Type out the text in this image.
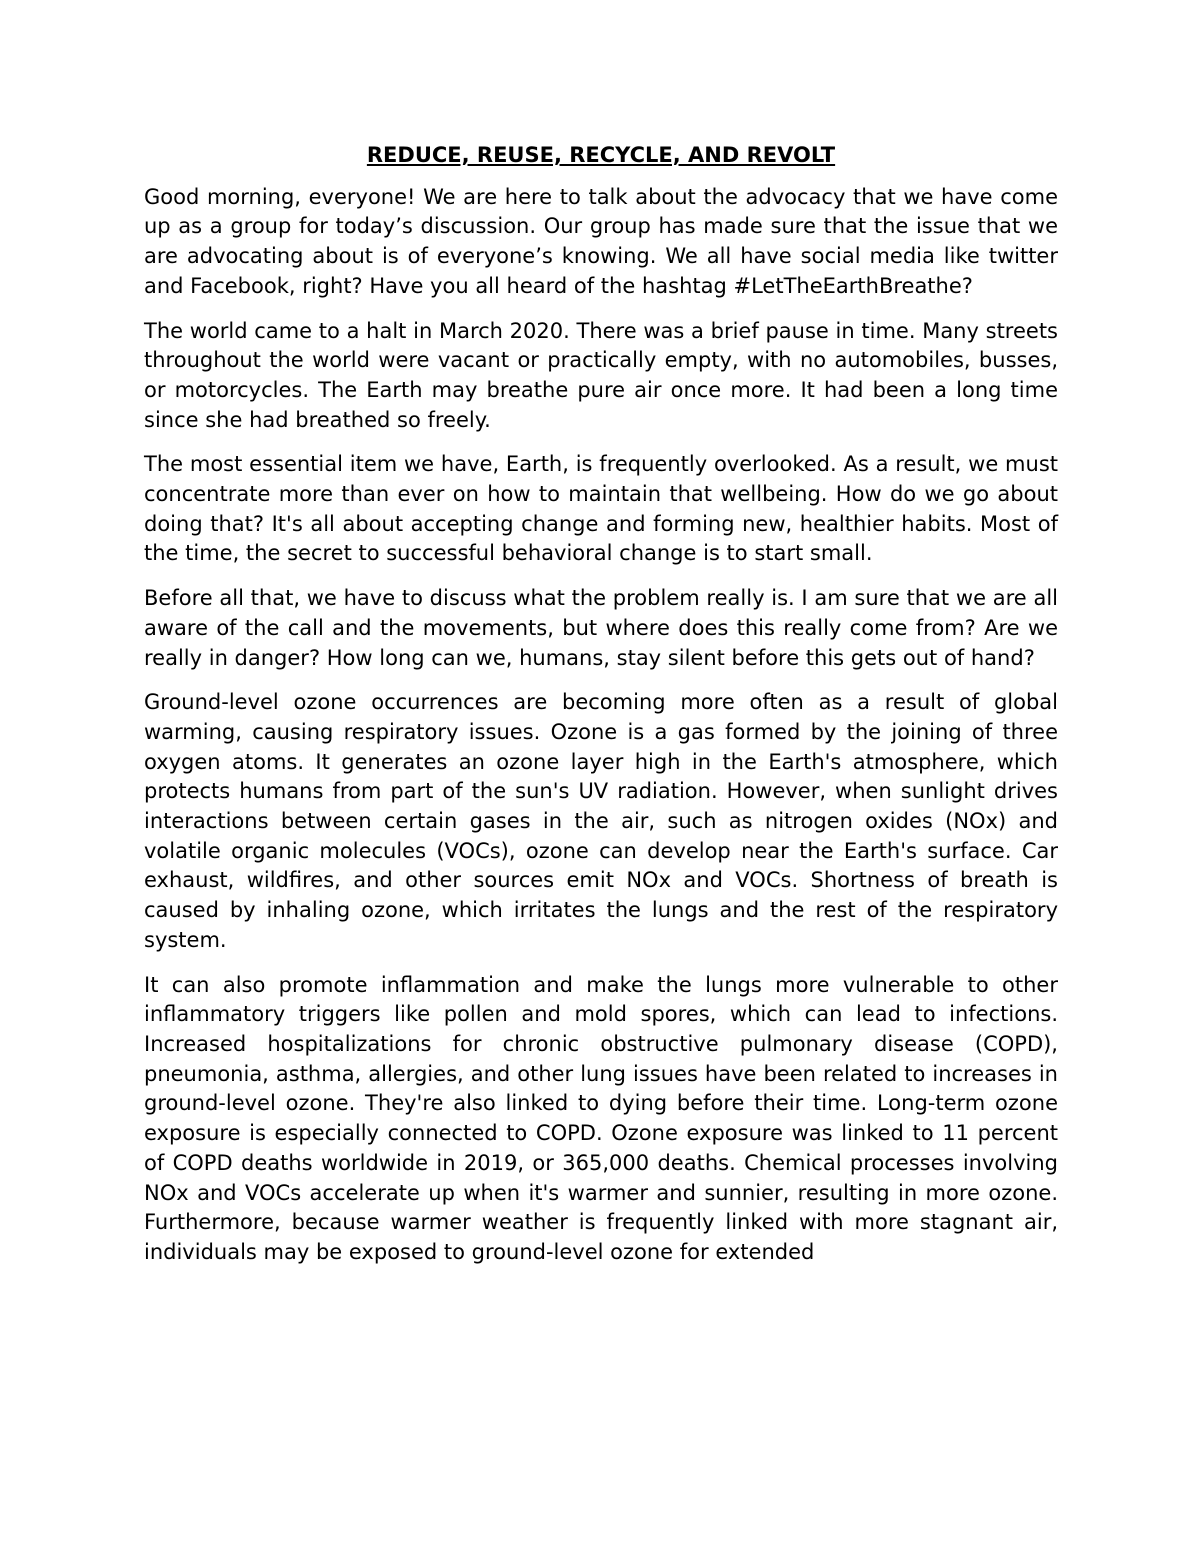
REDUCE, REUSE, RECYCLE, AND REVOLT

Good morning, everyone! We are here to talk about the advocacy that we have come up as a group for today’s discussion. Our group has made sure that the issue that we are advocating about is of everyone’s knowing. We all have social media like twitter and Facebook, right? Have you all heard of the hashtag #LetTheEarthBreathe?

The world came to a halt in March 2020. There was a brief pause in time. Many streets throughout the world were vacant or practically empty, with no automobiles, busses, or motorcycles. The Earth may breathe pure air once more. It had been a long time since she had breathed so freely.

The most essential item we have, Earth, is frequently overlooked. As a result, we must concentrate more than ever on how to maintain that wellbeing. How do we go about doing that? It's all about accepting change and forming new, healthier habits. Most of the time, the secret to successful behavioral change is to start small.

Before all that, we have to discuss what the problem really is. I am sure that we are all aware of the call and the movements, but where does this really come from? Are we really in danger? How long can we, humans, stay silent before this gets out of hand?

Ground-level ozone occurrences are becoming more often as a result of global warming, causing respiratory issues. Ozone is a gas formed by the joining of three oxygen atoms. It generates an ozone layer high in the Earth's atmosphere, which protects humans from part of the sun's UV radiation. However, when sunlight drives interactions between certain gases in the air, such as nitrogen oxides (NOx) and volatile organic molecules (VOCs), ozone can develop near the Earth's surface. Car exhaust, wildfires, and other sources emit NOx and VOCs. Shortness of breath is caused by inhaling ozone, which irritates the lungs and the rest of the respiratory system.

It can also promote inflammation and make the lungs more vulnerable to other inflammatory triggers like pollen and mold spores, which can lead to infections. Increased hospitalizations for chronic obstructive pulmonary disease (COPD), pneumonia, asthma, allergies, and other lung issues have been related to increases in ground-level ozone. They're also linked to dying before their time. Long-term ozone exposure is especially connected to COPD. Ozone exposure was linked to 11 percent of COPD deaths worldwide in 2019, or 365,000 deaths. Chemical processes involving NOx and VOCs accelerate up when it's warmer and sunnier, resulting in more ozone. Furthermore, because warmer weather is frequently linked with more stagnant air, individuals may be exposed to ground-level ozone for extended
